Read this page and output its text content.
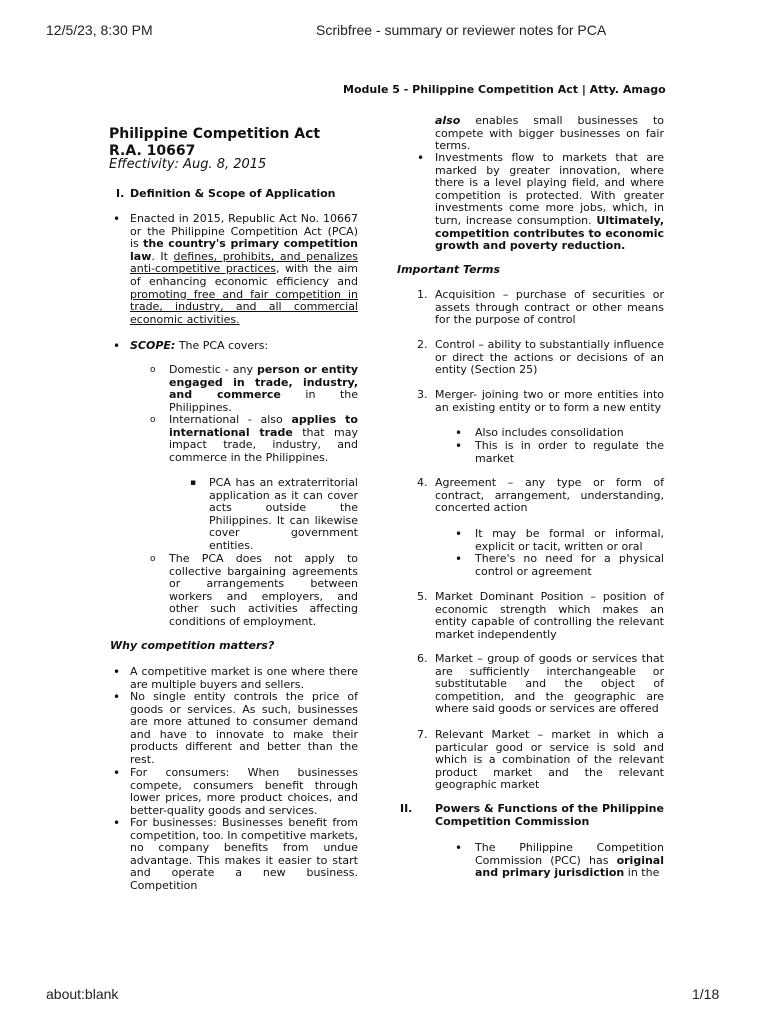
12/5/23, 8:30 PM	Scribfree - summary or reviewer notes for PCA
about:blank	1/18
Module 5 - Philippine Competition Act | Atty. Amago
Philippine Competition Act
R.A. 10667
Effectivity: Aug. 8, 2015
I. Definition & Scope of Application
• Enacted in 2015, Republic Act No. 10667 or the Philippine Competition Act (PCA) is the country's primary competition law. It defines, prohibits, and penalizes anti-competitive practices, with the aim of enhancing economic efficiency and promoting free and fair competition in trade, industry, and all commercial economic activities.
• SCOPE: The PCA covers:
o Domestic - any person or entity engaged in trade, industry, and commerce in the Philippines.
o International - also applies to international trade that may impact trade, industry, and commerce in the Philippines.
▪ PCA has an extraterritorial application as it can cover acts outside the Philippines. It can likewise cover government entities.
o The PCA does not apply to collective bargaining agreements or arrangements between workers and employers, and other such activities affecting conditions of employment.
Why competition matters?
• A competitive market is one where there are multiple buyers and sellers.
• No single entity controls the price of goods or services. As such, businesses are more attuned to consumer demand and have to innovate to make their products different and better than the rest.
• For consumers: When businesses compete, consumers benefit through lower prices, more product choices, and better-quality goods and services.
• For businesses: Businesses benefit from competition, too. In competitive markets, no company benefits from undue advantage. This makes it easier to start and operate a new business. Competition
also enables small businesses to compete with bigger businesses on fair terms.
• Investments flow to markets that are marked by greater innovation, where there is a level playing field, and where competition is protected. With greater investments come more jobs, which, in turn, increase consumption. Ultimately, competition contributes to economic growth and poverty reduction.
Important Terms
1. Acquisition – purchase of securities or assets through contract or other means for the purpose of control
2. Control – ability to substantially influence or direct the actions or decisions of an entity (Section 25)
3. Merger- joining two or more entities into an existing entity or to form a new entity
• Also includes consolidation
• This is in order to regulate the market
4. Agreement – any type or form of contract, arrangement, understanding, concerted action
• It may be formal or informal, explicit or tacit, written or oral
• There's no need for a physical control or agreement
5. Market Dominant Position – position of economic strength which makes an entity capable of controlling the relevant market independently
6. Market – group of goods or services that are sufficiently interchangeable or substitutable and the object of competition, and the geographic are where said goods or services are offered
7. Relevant Market – market in which a particular good or service is sold and which is a combination of the relevant product market and the relevant geographic market
II. Powers & Functions of the Philippine Competition Commission
• The Philippine Competition Commission (PCC) has original and primary jurisdiction in the
